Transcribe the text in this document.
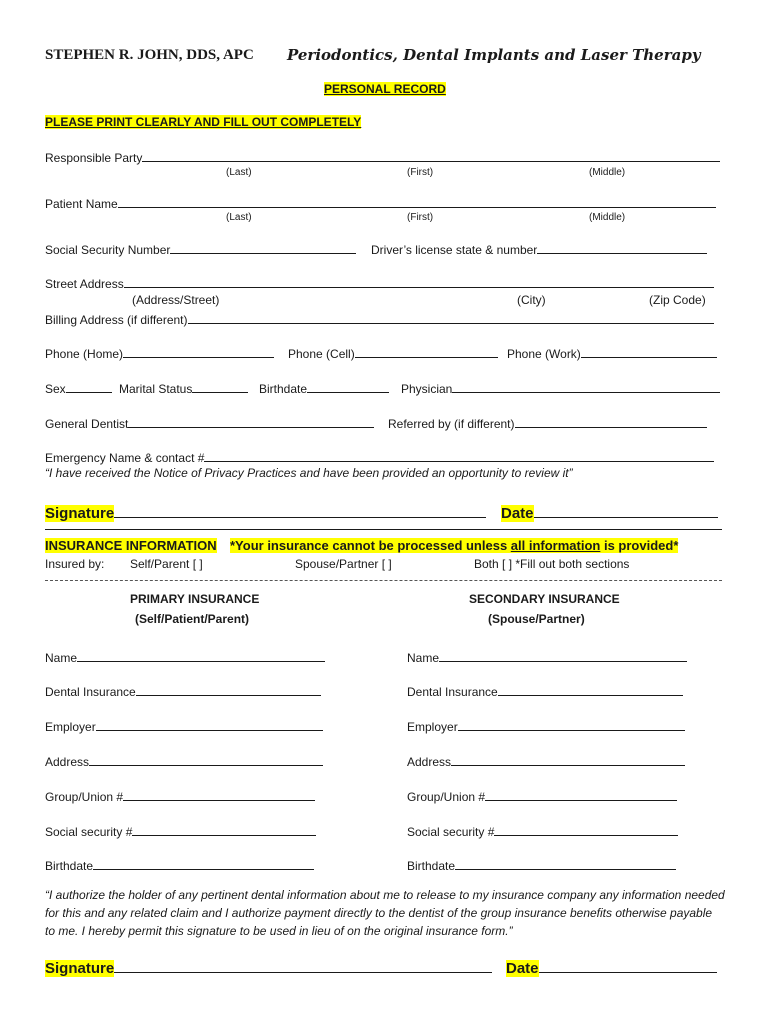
STEPHEN R. JOHN, DDS, APC Periodontics, Dental Implants and Laser Therapy
PERSONAL RECORD
PLEASE PRINT CLEARLY AND FILL OUT COMPLETELY
Responsible Party
(Last)	(First)	(Middle)
Patient Name
(Last)	(First)	(Middle)
Social Security Number	Driver’s license state & number
Street Address
(Address/Street)	(City)	(Zip Code)
Billing Address (if different)
Phone (Home)	Phone (Cell)	Phone (Work)
Sex	Marital Status	Birthdate	Physician
General Dentist	Referred by (if different)
Emergency Name & contact #
“I have received the Notice of Privacy Practices and have been provided an opportunity to review it”
Signature	Date
INSURANCE INFORMATION *Your insurance cannot be processed unless all information is provided*
Insured by: Self/Parent [ ]	Spouse/Partner [ ]	Both [ ] *Fill out both sections
PRIMARY INSURANCE
(Self/Patient/Parent)
SECONDARY INSURANCE
(Spouse/Partner)
Name
Dental Insurance
Employer
Address
Group/Union #
Social security #
Birthdate
Name
Dental Insurance
Employer
Address
Group/Union #
Social security #
Birthdate
“I authorize the holder of any pertinent dental information about me to release to my insurance company any information needed for this and any related claim and I authorize payment directly to the dentist of the group insurance benefits otherwise payable to me. I hereby permit this signature to be used in lieu of on the original insurance form.”
Signature	Date
